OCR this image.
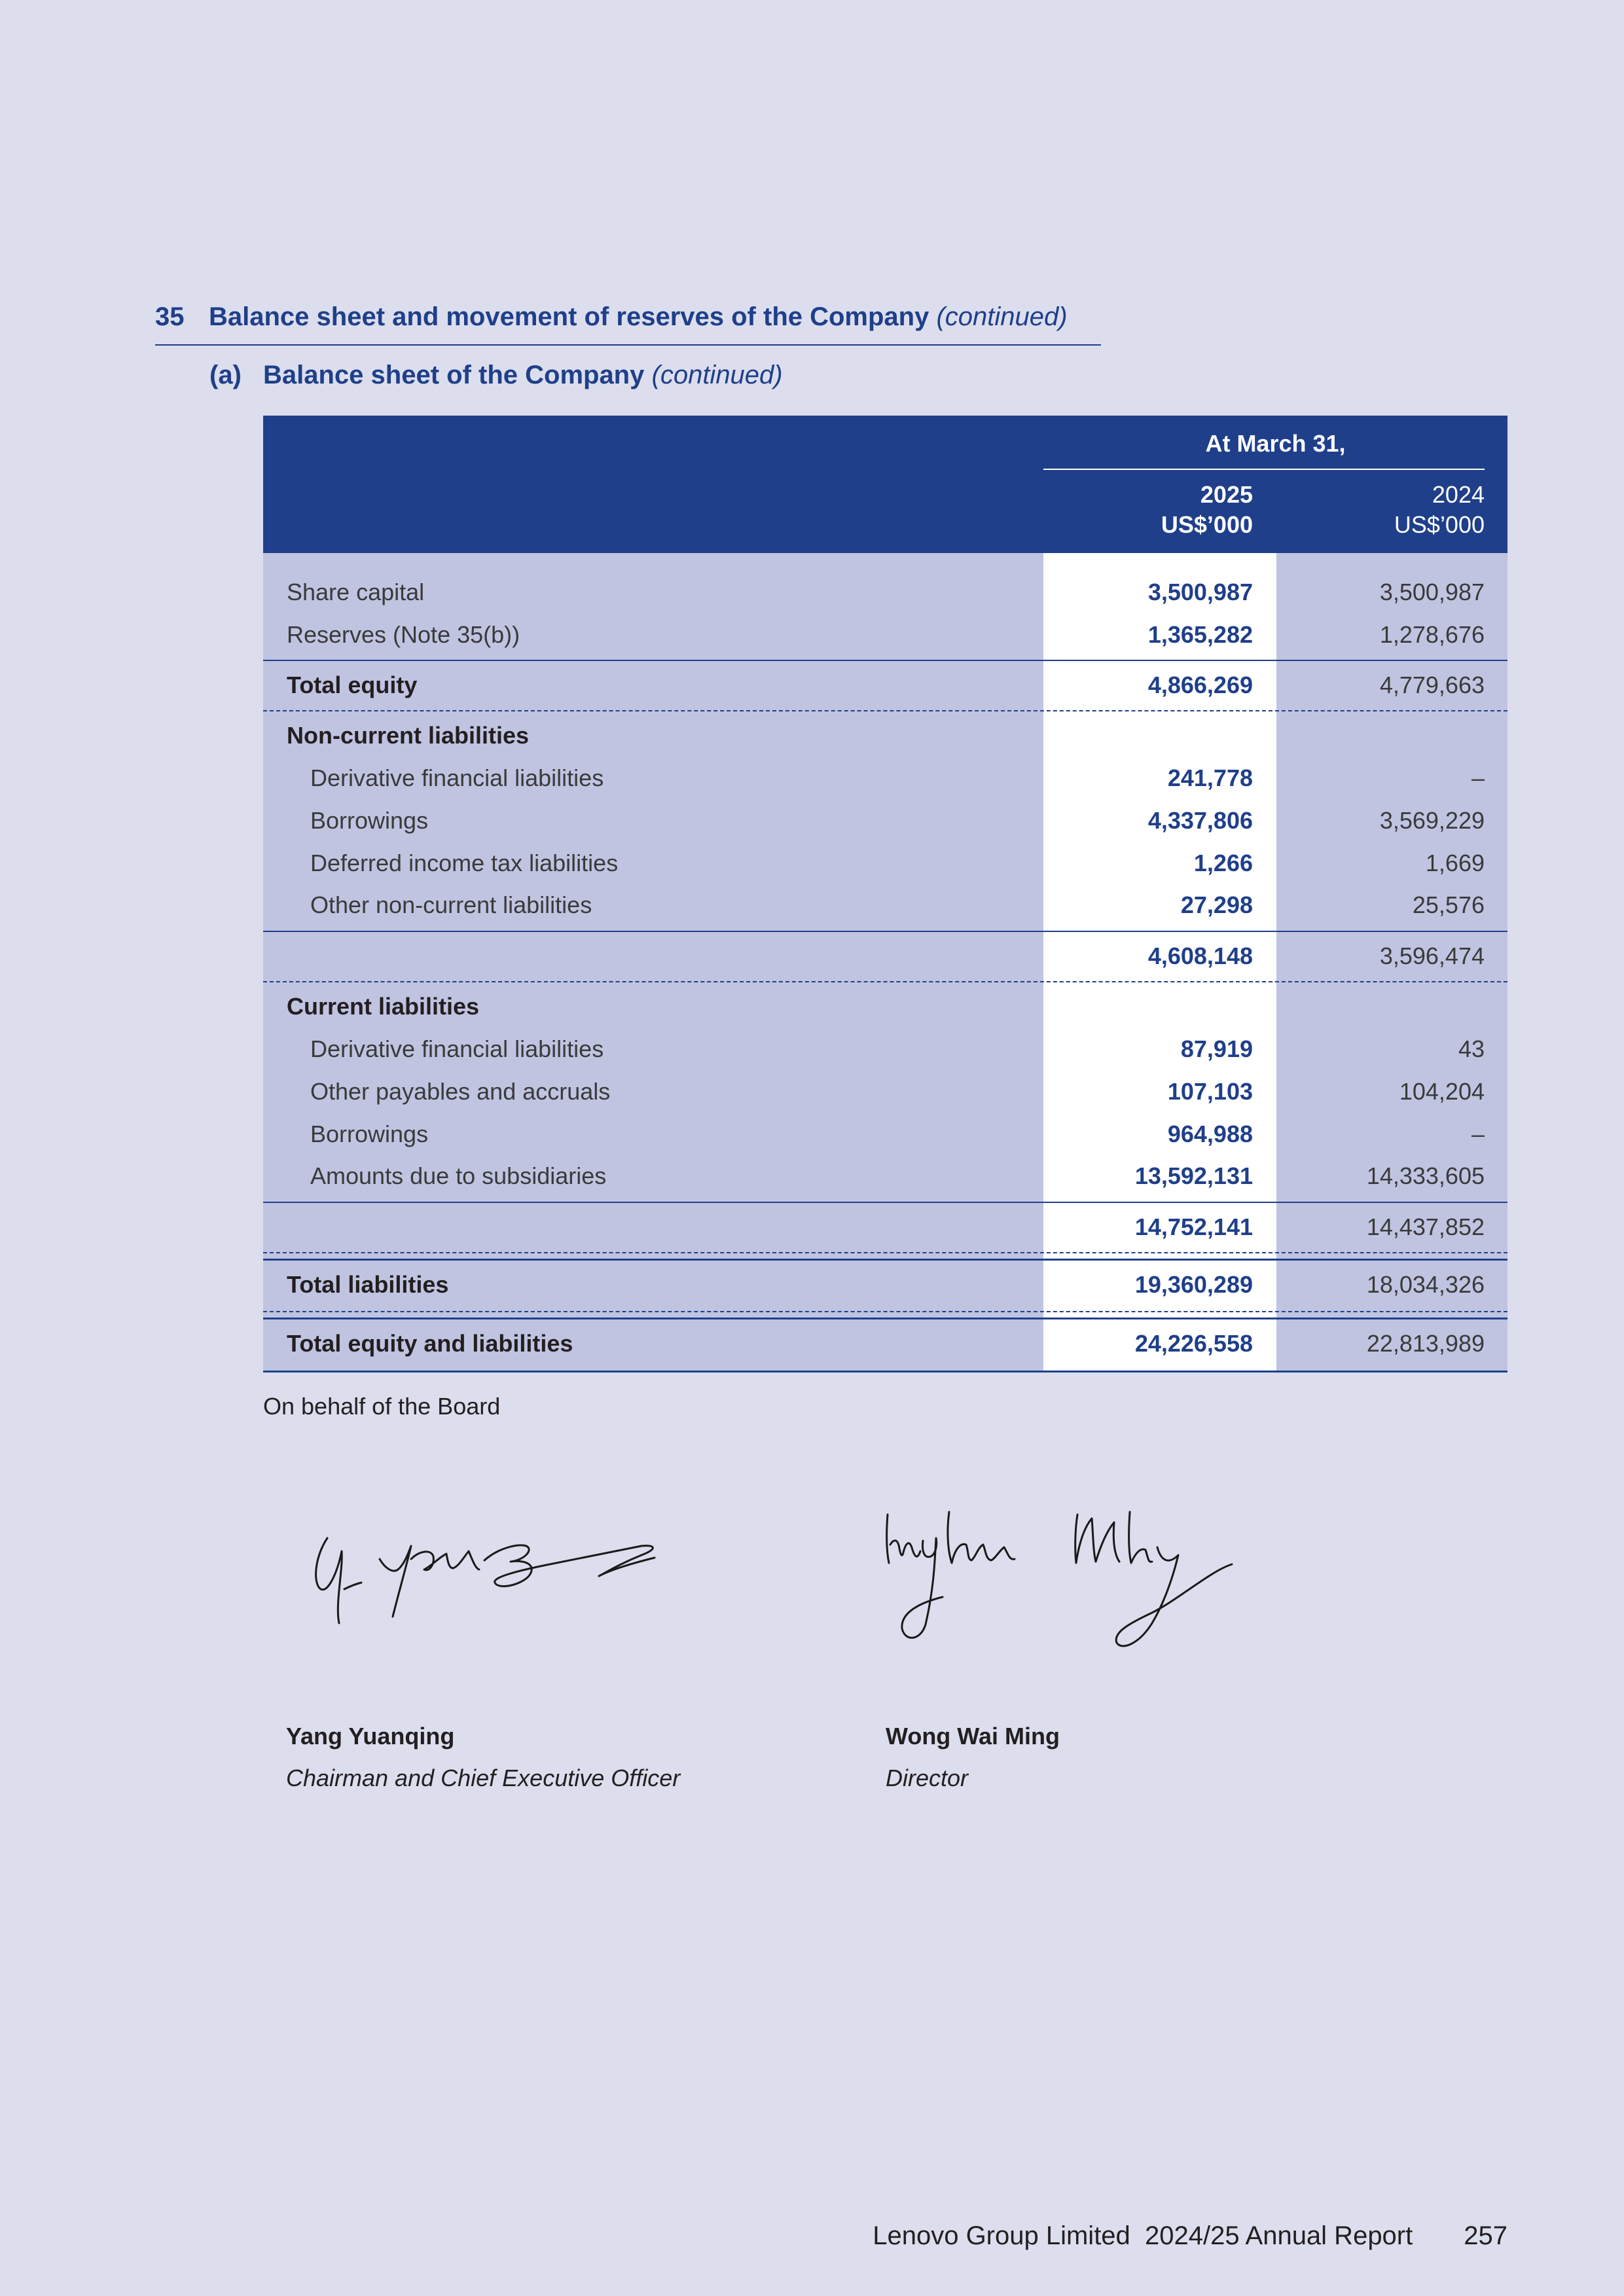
35 Balance sheet and movement of reserves of the Company (continued)
(a) Balance sheet of the Company (continued)
At March 31,
2025
US$’000
2024
US$’000
Share capital	3,500,987	3,500,987
Reserves (Note 35(b))	1,365,282	1,278,676
Total equity	4,866,269	4,779,663
Non-current liabilities
Derivative financial liabilities	241,778	–
Borrowings	4,337,806	3,569,229
Deferred income tax liabilities	1,266	1,669
Other non-current liabilities	27,298	25,576
4,608,148	3,596,474
Current liabilities
Derivative financial liabilities	87,919	43
Other payables and accruals	107,103	104,204
Borrowings	964,988	–
Amounts due to subsidiaries	13,592,131	14,333,605
14,752,141	14,437,852
Total liabilities	19,360,289	18,034,326
Total equity and liabilities	24,226,558	22,813,989
On behalf of the Board
Yang Yuanqing
Chairman and Chief Executive Officer
Wong Wai Ming
Director
Lenovo Group Limited  2024/25 Annual Report 257
